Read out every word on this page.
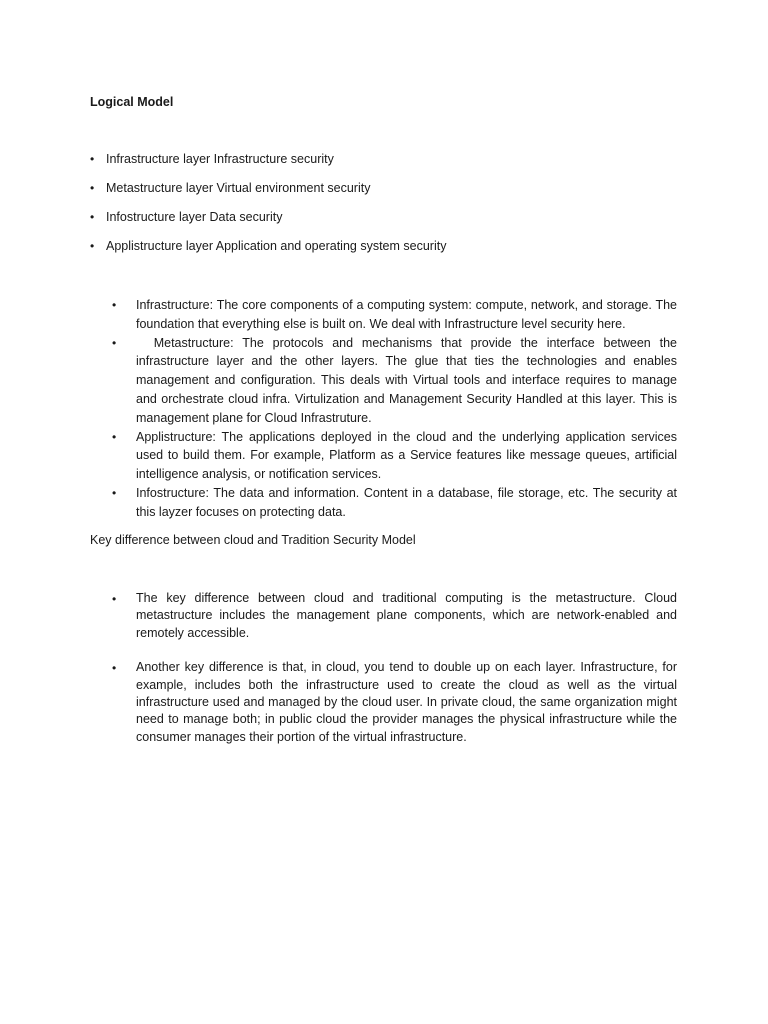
Logical Model
• Infrastructure layer Infrastructure security
• Metastructure layer Virtual environment security
• Infostructure layer Data security
• Applistructure layer Application and operating system security
• Infrastructure: The core components of a computing system: compute, network, and storage. The foundation that everything else is built on. We deal with Infrastructure level security here.
• Metastructure: The protocols and mechanisms that provide the interface between the infrastructure layer and the other layers. The glue that ties the technologies and enables management and configuration. This deals with Virtual tools and interface requires to manage and orchestrate cloud infra. Virtulization and Management Security Handled at this layer. This is management plane for Cloud Infrastruture.
• Applistructure: The applications deployed in the cloud and the underlying application services used to build them. For example, Platform as a Service features like message queues, artificial intelligence analysis, or notification services.
• Infostructure: The data and information. Content in a database, file storage, etc. The security at this layzer focuses on protecting data.
Key difference between cloud and Tradition Security Model
• The key difference between cloud and traditional computing is the metastructure. Cloud metastructure includes the management plane components, which are network-enabled and remotely accessible.
• Another key difference is that, in cloud, you tend to double up on each layer. Infrastructure, for example, includes both the infrastructure used to create the cloud as well as the virtual infrastructure used and managed by the cloud user. In private cloud, the same organization might need to manage both; in public cloud the provider manages the physical infrastructure while the consumer manages their portion of the virtual infrastructure.
